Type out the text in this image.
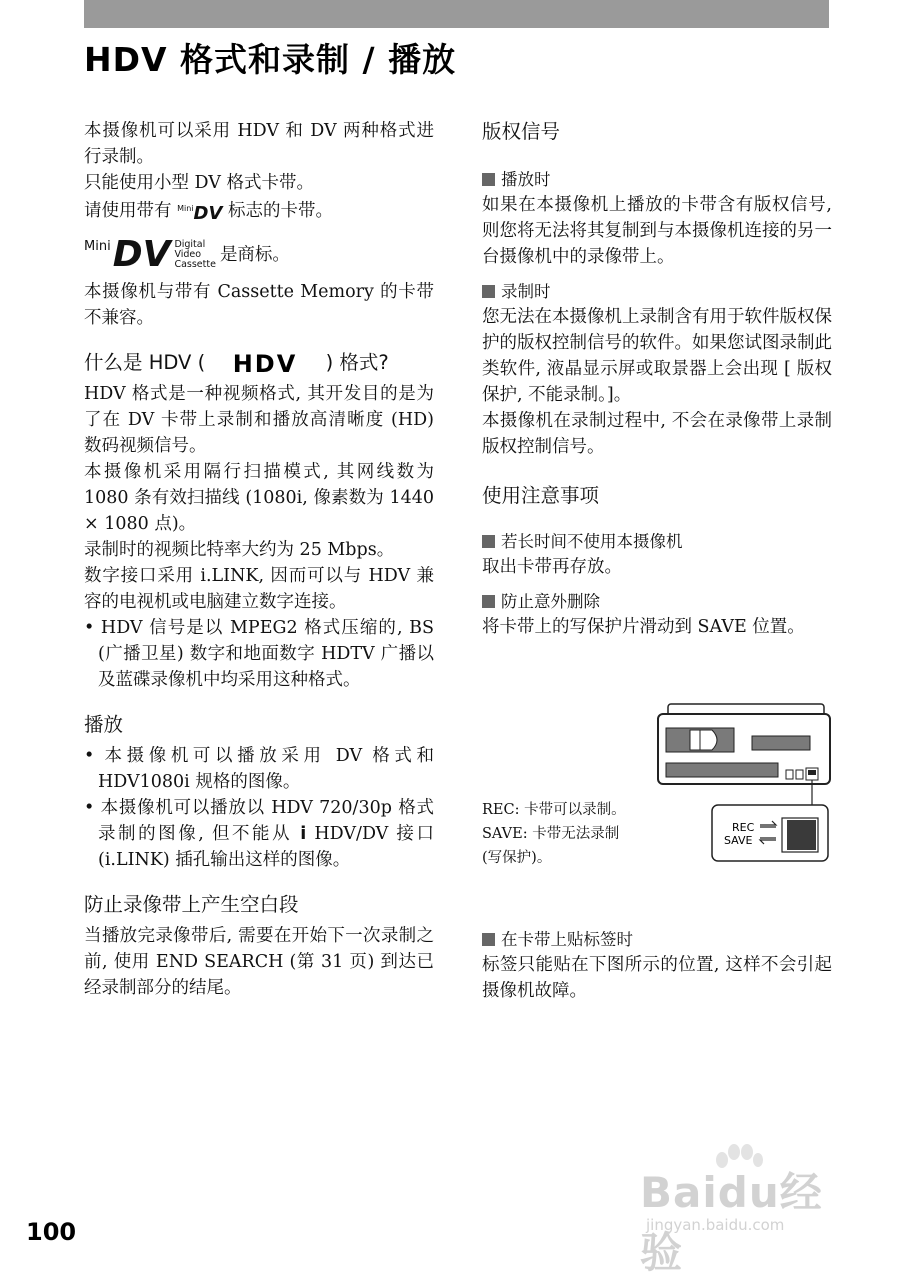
HDV 格式和录制 / 播放

本摄像机可以采用 HDV 和 DV 两种格式进行录制。

只能使用小型 DV 格式卡带。

请使用带有 $^{Mini}$DV 标志的卡带。

Mini DV Digital
Video
Cassette 是商标。

本摄像机与带有 Cassette Memory 的卡带不兼容。

什么是 HDV ( HDV ) 格式?

HDV 格式是一种视频格式, 其开发目的是为了在 DV 卡带上录制和播放高清晰度 (HD) 数码视频信号。

本摄像机采用隔行扫描模式, 其网线数为 1080 条有效扫描线 (1080i, 像素数为 1440 × 1080 点)。

录制时的视频比特率大约为 25 Mbps。

数字接口采用 i.LINK, 因而可以与 HDV 兼容的电视机或电脑建立数字连接。

• HDV 信号是以 MPEG2 格式压缩的, BS (广播卫星) 数字和地面数字 HDTV 广播以及蓝碟录像机中均采用这种格式。

播放

• 本摄像机可以播放采用 DV 格式和 HDV1080i 规格的图像。

• 本摄像机可以播放以 HDV 720/30p 格式录制的图像, 但不能从 i HDV/DV 接口 (i.LINK) 插孔输出这样的图像。

防止录像带上产生空白段

当播放完录像带后, 需要在开始下一次录制之前, 使用 END SEARCH (第 31 页) 到达已经录制部分的结尾。

版权信号
播放时

如果在本摄像机上播放的卡带含有版权信号, 则您将无法将其复制到与本摄像机连接的另一台摄像机中的录像带上。

录制时

您无法在本摄像机上录制含有用于软件版权保护的版权控制信号的软件。如果您试图录制此类软件, 液晶显示屏或取景器上会出现 [ 版权保护, 不能录制。]。

本摄像机在录制过程中, 不会在录像带上录制版权控制信号。

使用注意事项
若长时间不使用本摄像机

取出卡带再存放。

防止意外删除

将卡带上的写保护片滑动到 SAVE 位置。

REC
SAVE

REC: 卡带可以录制。

SAVE: 卡带无法录制

(写保护)。

在卡带上贴标签时

标签只能贴在下图所示的位置, 这样不会引起摄像机故障。

100
Baidu经验
jingyan.baidu.com
